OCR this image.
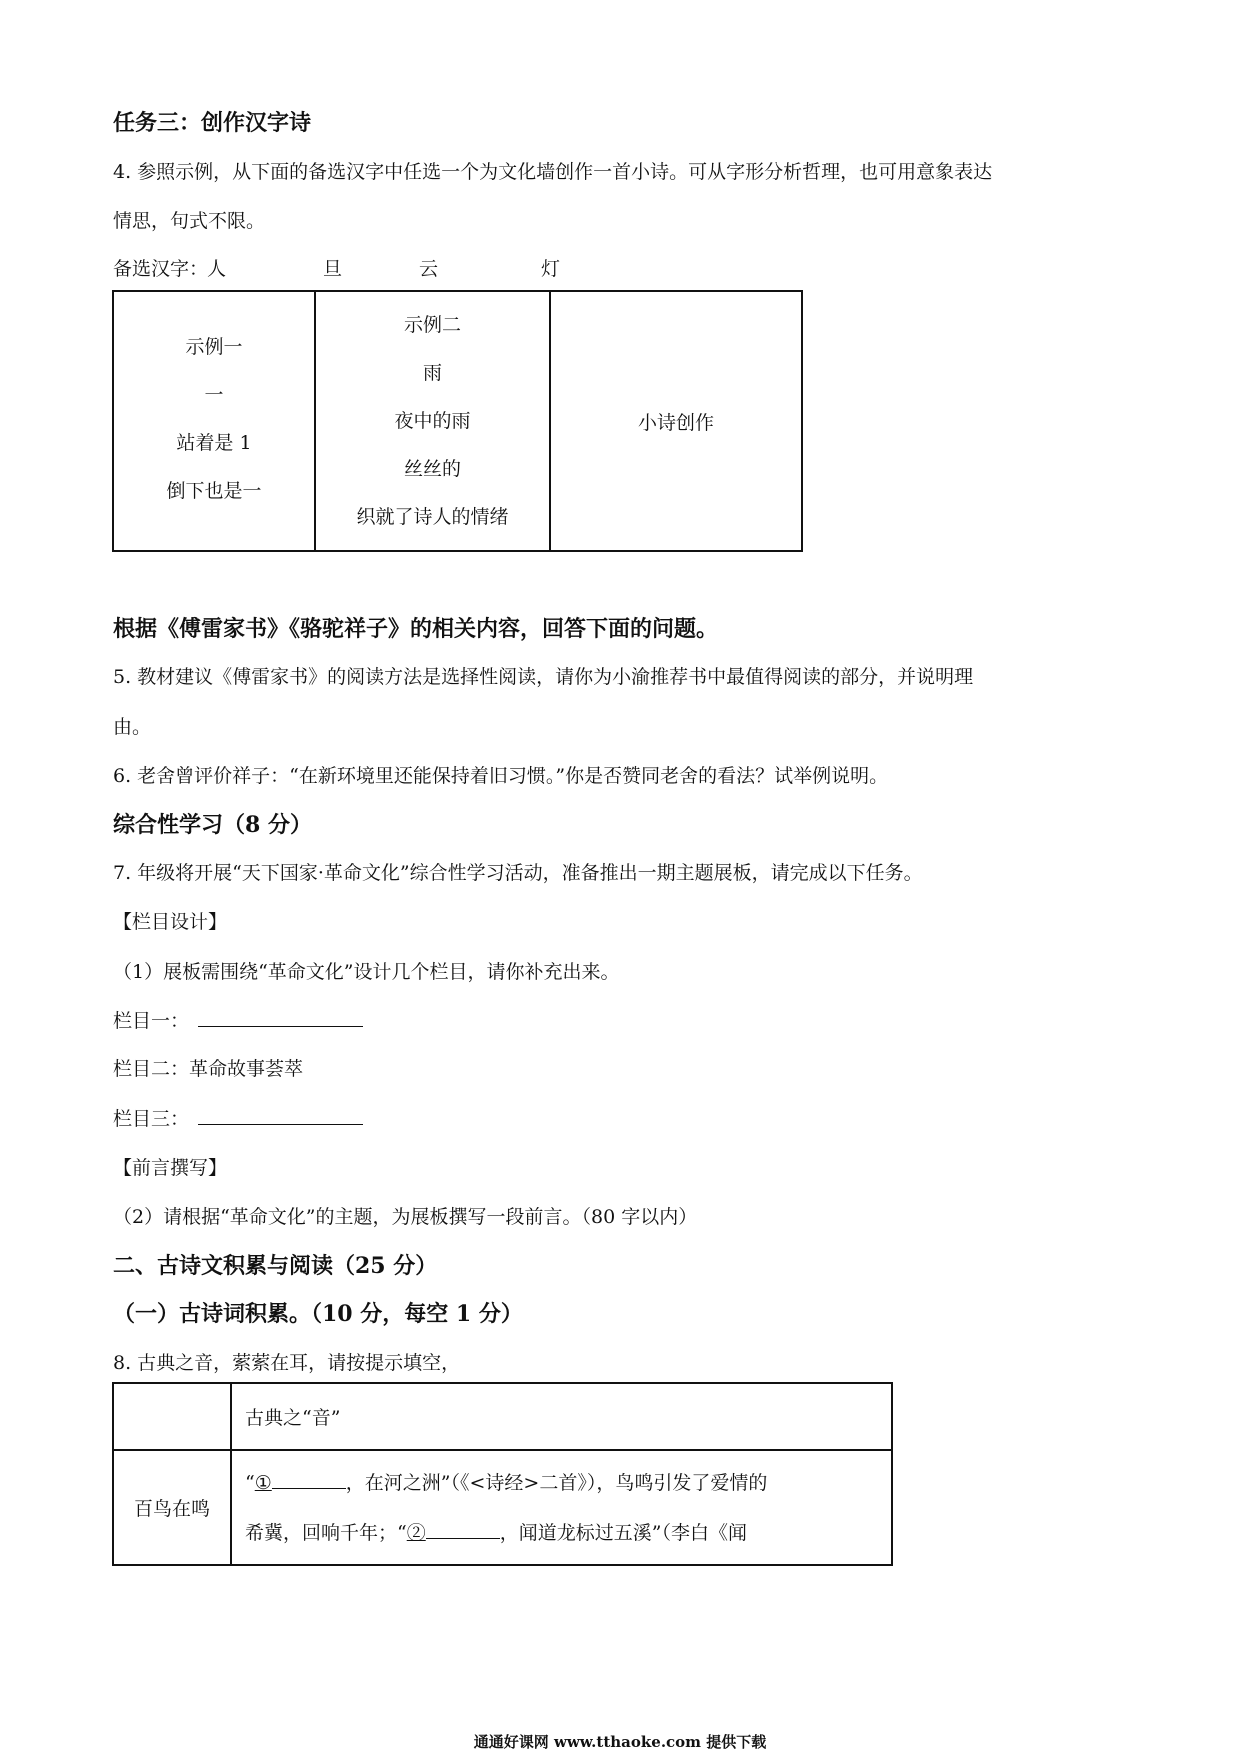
任务三：创作汉字诗
4. 参照示例，从下面的备选汉字中任选一个为文化墙创作一首小诗。可从字形分析哲理，也可用意象表达
情思，句式不限。
备选汉字：
人	旦	云	灯
示例一
一
站着是 1
倒下也是一

示例二
雨
夜中的雨
丝丝的
织就了诗人的情绪

小诗创作
根据《傅雷家书》《骆驼祥子》的相关内容，回答下面的问题。
5. 教材建议《傅雷家书》的阅读方法是选择性阅读，请你为小渝推荐书中最值得阅读的部分，并说明理
由。
6. 老舍曾评价祥子：“在新环境里还能保持着旧习惯。”你是否赞同老舍的看法？试举例说明。
综合性学习（8 分）
7. 年级将开展“天下国家·革命文化”综合性学习活动，准备推出一期主题展板，请完成以下任务。
【栏目设计】
（1）展板需围绕“革命文化”设计几个栏目，请你补充出来。
栏目一：
栏目二：革命故事荟萃
栏目三：
【前言撰写】
（2）请根据“革命文化”的主题，为展板撰写一段前言。（80 字以内）
二、古诗文积累与阅读（25 分）
（一）古诗词积累。（10 分，每空 1 分）
8. 古典之音，萦萦在耳，请按提示填空，
	古典之“音”
百鸟在鸣	“① ，在河之洲”（《<诗经>二首》），鸟鸣引发了爱情的
希冀，回响千年；“② ，闻道龙标过五溪”（李白《闻
通通好课网 www.tthaoke.com 提供下载
